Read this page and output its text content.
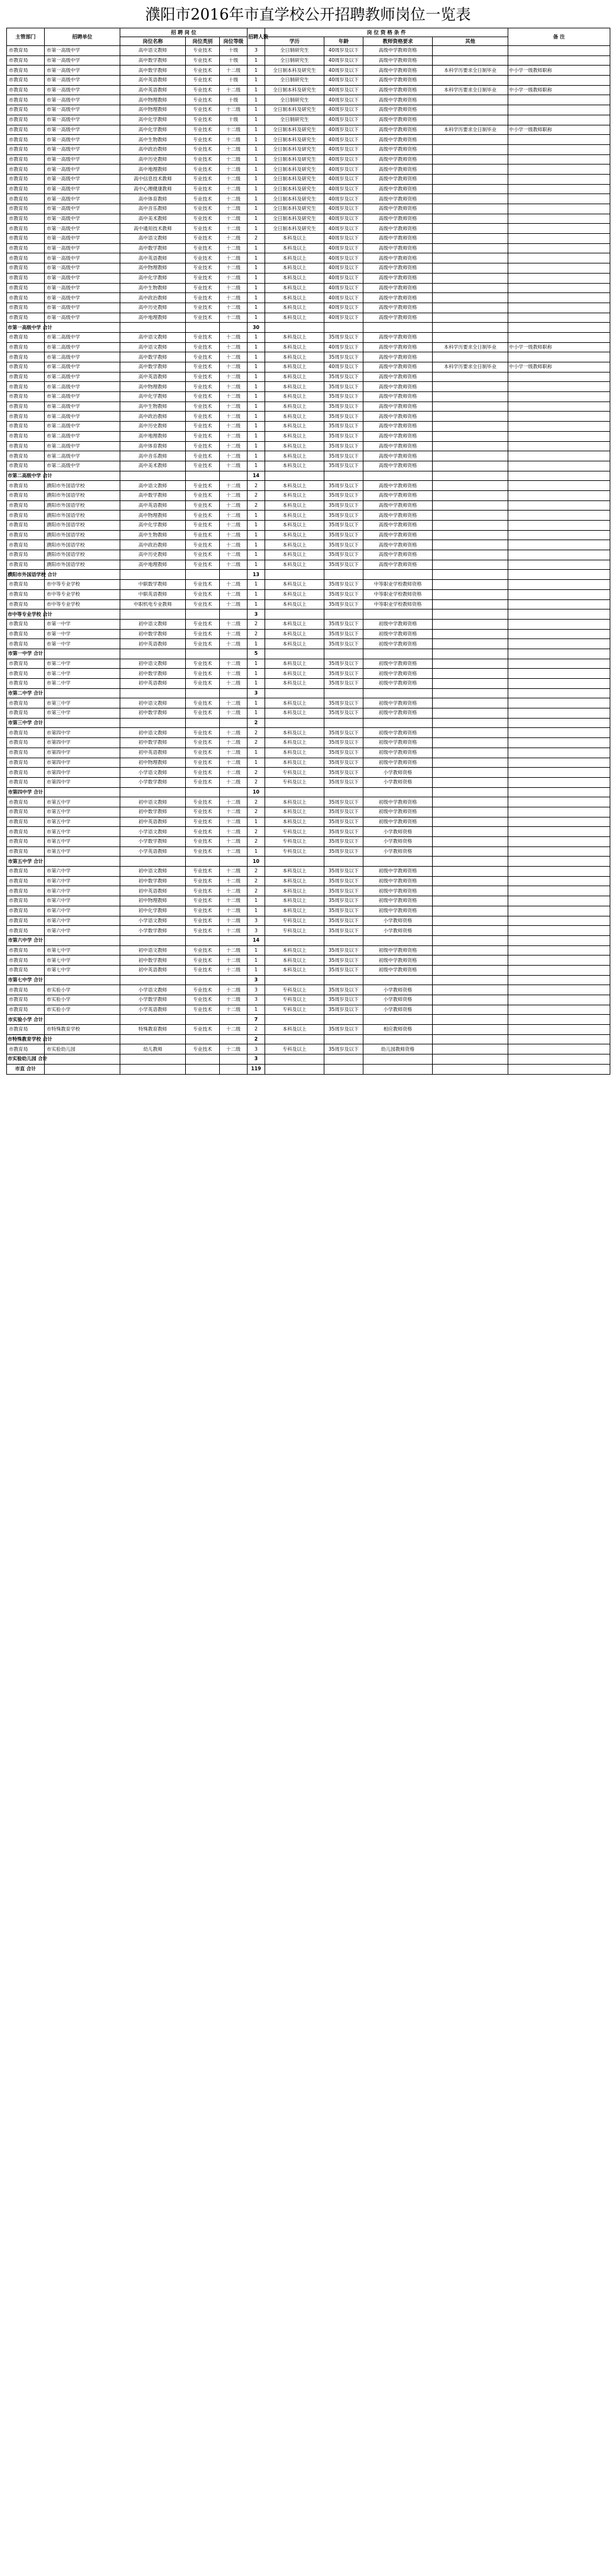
濮阳市2016年市直学校公开招聘教师岗位一览表
主管部门	招聘单位	招 聘 岗 位			招聘人数	岗 位 资 格 条 件				备 注
		岗位名称	岗位类别	岗位等级		学历	年龄	教师资格要求	其他	
市教育局	市第一高级中学	高中语文教师	专业技术	十级	3	全日制研究生	40周岁及以下	高级中学教师资格		
市教育局	市第一高级中学	高中数学教师	专业技术	十级	1	全日制研究生	40周岁及以下	高级中学教师资格		
市教育局	市第一高级中学	高中数学教师	专业技术	十二级	1	全日制本科及研究生	40周岁及以下	高级中学教师资格	本科学历要求全日制毕业	中小学一级教师职称
市教育局	市第一高级中学	高中英语教师	专业技术	十级	1	全日制研究生	40周岁及以下	高级中学教师资格		
市教育局	市第一高级中学	高中英语教师	专业技术	十二级	1	全日制本科及研究生	40周岁及以下	高级中学教师资格	本科学历要求全日制毕业	中小学一级教师职称
市教育局	市第一高级中学	高中物理教师	专业技术	十级	1	全日制研究生	40周岁及以下	高级中学教师资格		
市教育局	市第一高级中学	高中物理教师	专业技术	十二级	1	全日制本科及研究生	40周岁及以下	高级中学教师资格		
市教育局	市第一高级中学	高中化学教师	专业技术	十级	1	全日制研究生	40周岁及以下	高级中学教师资格		
市教育局	市第一高级中学	高中化学教师	专业技术	十二级	1	全日制本科及研究生	40周岁及以下	高级中学教师资格	本科学历要求全日制毕业	中小学一级教师职称
市教育局	市第一高级中学	高中生物教师	专业技术	十二级	1	全日制本科及研究生	40周岁及以下	高级中学教师资格		
市教育局	市第一高级中学	高中政治教师	专业技术	十二级	1	全日制本科及研究生	40周岁及以下	高级中学教师资格		
市教育局	市第一高级中学	高中历史教师	专业技术	十二级	1	全日制本科及研究生	40周岁及以下	高级中学教师资格		
市教育局	市第一高级中学	高中地理教师	专业技术	十二级	1	全日制本科及研究生	40周岁及以下	高级中学教师资格		
市教育局	市第一高级中学	高中信息技术教师	专业技术	十二级	1	全日制本科及研究生	40周岁及以下	高级中学教师资格		
市教育局	市第一高级中学	高中心理健康教师	专业技术	十二级	1	全日制本科及研究生	40周岁及以下	高级中学教师资格		
市教育局	市第一高级中学	高中体育教师	专业技术	十二级	1	全日制本科及研究生	40周岁及以下	高级中学教师资格		
市教育局	市第一高级中学	高中音乐教师	专业技术	十二级	1	全日制本科及研究生	40周岁及以下	高级中学教师资格		
市教育局	市第一高级中学	高中美术教师	专业技术	十二级	1	全日制本科及研究生	40周岁及以下	高级中学教师资格		
市教育局	市第一高级中学	高中通用技术教师	专业技术	十二级	1	全日制本科及研究生	40周岁及以下	高级中学教师资格		
市教育局	市第一高级中学	高中语文教师	专业技术	十二级	2	本科及以上	40周岁及以下	高级中学教师资格		
市教育局	市第一高级中学	高中数学教师	专业技术	十二级	1	本科及以上	40周岁及以下	高级中学教师资格		
市教育局	市第一高级中学	高中英语教师	专业技术	十二级	1	本科及以上	40周岁及以下	高级中学教师资格		
市教育局	市第一高级中学	高中物理教师	专业技术	十二级	1	本科及以上	40周岁及以下	高级中学教师资格		
市教育局	市第一高级中学	高中化学教师	专业技术	十二级	1	本科及以上	40周岁及以下	高级中学教师资格		
市教育局	市第一高级中学	高中生物教师	专业技术	十二级	1	本科及以上	40周岁及以下	高级中学教师资格		
市教育局	市第一高级中学	高中政治教师	专业技术	十二级	1	本科及以上	40周岁及以下	高级中学教师资格		
市教育局	市第一高级中学	高中历史教师	专业技术	十二级	1	本科及以上	40周岁及以下	高级中学教师资格		
市教育局	市第一高级中学	高中地理教师	专业技术	十二级	1	本科及以上	40周岁及以下	高级中学教师资格		
市第一高级中学 合计					30					
市教育局	市第二高级中学	高中语文教师	专业技术	十二级	1	本科及以上	35周岁及以下	高级中学教师资格		
市教育局	市第二高级中学	高中语文教师	专业技术	十二级	1	本科及以上	40周岁及以下	高级中学教师资格	本科学历要求全日制毕业	中小学一级教师职称
市教育局	市第二高级中学	高中数学教师	专业技术	十二级	1	本科及以上	35周岁及以下	高级中学教师资格		
市教育局	市第二高级中学	高中数学教师	专业技术	十二级	1	本科及以上	40周岁及以下	高级中学教师资格	本科学历要求全日制毕业	中小学一级教师职称
市教育局	市第二高级中学	高中英语教师	专业技术	十二级	1	本科及以上	35周岁及以下	高级中学教师资格		
市教育局	市第二高级中学	高中物理教师	专业技术	十二级	1	本科及以上	35周岁及以下	高级中学教师资格		
市教育局	市第二高级中学	高中化学教师	专业技术	十二级	1	本科及以上	35周岁及以下	高级中学教师资格		
市教育局	市第二高级中学	高中生物教师	专业技术	十二级	1	本科及以上	35周岁及以下	高级中学教师资格		
市教育局	市第二高级中学	高中政治教师	专业技术	十二级	1	本科及以上	35周岁及以下	高级中学教师资格		
市教育局	市第二高级中学	高中历史教师	专业技术	十二级	1	本科及以上	35周岁及以下	高级中学教师资格		
市教育局	市第二高级中学	高中地理教师	专业技术	十二级	1	本科及以上	35周岁及以下	高级中学教师资格		
市教育局	市第二高级中学	高中体育教师	专业技术	十二级	1	本科及以上	35周岁及以下	高级中学教师资格		
市教育局	市第二高级中学	高中音乐教师	专业技术	十二级	1	本科及以上	35周岁及以下	高级中学教师资格		
市教育局	市第二高级中学	高中美术教师	专业技术	十二级	1	本科及以上	35周岁及以下	高级中学教师资格		
市第二高级中学 合计					14					
市教育局	濮阳市外国语学校	高中语文教师	专业技术	十二级	2	本科及以上	35周岁及以下	高级中学教师资格		
市教育局	濮阳市外国语学校	高中数学教师	专业技术	十二级	2	本科及以上	35周岁及以下	高级中学教师资格		
市教育局	濮阳市外国语学校	高中英语教师	专业技术	十二级	2	本科及以上	35周岁及以下	高级中学教师资格		
市教育局	濮阳市外国语学校	高中物理教师	专业技术	十二级	1	本科及以上	35周岁及以下	高级中学教师资格		
市教育局	濮阳市外国语学校	高中化学教师	专业技术	十二级	1	本科及以上	35周岁及以下	高级中学教师资格		
市教育局	濮阳市外国语学校	高中生物教师	专业技术	十二级	1	本科及以上	35周岁及以下	高级中学教师资格		
市教育局	濮阳市外国语学校	高中政治教师	专业技术	十二级	1	本科及以上	35周岁及以下	高级中学教师资格		
市教育局	濮阳市外国语学校	高中历史教师	专业技术	十二级	1	本科及以上	35周岁及以下	高级中学教师资格		
市教育局	濮阳市外国语学校	高中地理教师	专业技术	十二级	1	本科及以上	35周岁及以下	高级中学教师资格		
濮阳市外国语学校 合计					13					
市教育局	市中等专业学校	中职数学教师	专业技术	十二级	1	本科及以上	35周岁及以下	中等职业学校教师资格		
市教育局	市中等专业学校	中职英语教师	专业技术	十二级	1	本科及以上	35周岁及以下	中等职业学校教师资格		
市教育局	市中等专业学校	中职机电专业教师	专业技术	十二级	1	本科及以上	35周岁及以下	中等职业学校教师资格		
市中等专业学校 合计					3					
市教育局	市第一中学	初中语文教师	专业技术	十二级	2	本科及以上	35周岁及以下	初级中学教师资格		
市教育局	市第一中学	初中数学教师	专业技术	十二级	2	本科及以上	35周岁及以下	初级中学教师资格		
市教育局	市第一中学	初中英语教师	专业技术	十二级	1	本科及以上	35周岁及以下	初级中学教师资格		
市第一中学 合计					5					
市教育局	市第二中学	初中语文教师	专业技术	十二级	1	本科及以上	35周岁及以下	初级中学教师资格		
市教育局	市第二中学	初中数学教师	专业技术	十二级	1	本科及以上	35周岁及以下	初级中学教师资格		
市教育局	市第二中学	初中英语教师	专业技术	十二级	1	本科及以上	35周岁及以下	初级中学教师资格		
市第二中学 合计					3					
市教育局	市第三中学	初中语文教师	专业技术	十二级	1	本科及以上	35周岁及以下	初级中学教师资格		
市教育局	市第三中学	初中数学教师	专业技术	十二级	1	本科及以上	35周岁及以下	初级中学教师资格		
市第三中学 合计					2					
市教育局	市第四中学	初中语文教师	专业技术	十二级	2	本科及以上	35周岁及以下	初级中学教师资格		
市教育局	市第四中学	初中数学教师	专业技术	十二级	2	本科及以上	35周岁及以下	初级中学教师资格		
市教育局	市第四中学	初中英语教师	专业技术	十二级	1	本科及以上	35周岁及以下	初级中学教师资格		
市教育局	市第四中学	初中物理教师	专业技术	十二级	1	本科及以上	35周岁及以下	初级中学教师资格		
市教育局	市第四中学	小学语文教师	专业技术	十二级	2	专科及以上	35周岁及以下	小学教师资格		
市教育局	市第四中学	小学数学教师	专业技术	十二级	2	专科及以上	35周岁及以下	小学教师资格		
市第四中学 合计					10					
市教育局	市第五中学	初中语文教师	专业技术	十二级	2	本科及以上	35周岁及以下	初级中学教师资格		
市教育局	市第五中学	初中数学教师	专业技术	十二级	2	本科及以上	35周岁及以下	初级中学教师资格		
市教育局	市第五中学	初中英语教师	专业技术	十二级	1	本科及以上	35周岁及以下	初级中学教师资格		
市教育局	市第五中学	小学语文教师	专业技术	十二级	2	专科及以上	35周岁及以下	小学教师资格		
市教育局	市第五中学	小学数学教师	专业技术	十二级	2	专科及以上	35周岁及以下	小学教师资格		
市教育局	市第五中学	小学英语教师	专业技术	十二级	1	专科及以上	35周岁及以下	小学教师资格		
市第五中学 合计					10					
市教育局	市第六中学	初中语文教师	专业技术	十二级	2	本科及以上	35周岁及以下	初级中学教师资格		
市教育局	市第六中学	初中数学教师	专业技术	十二级	2	本科及以上	35周岁及以下	初级中学教师资格		
市教育局	市第六中学	初中英语教师	专业技术	十二级	2	本科及以上	35周岁及以下	初级中学教师资格		
市教育局	市第六中学	初中物理教师	专业技术	十二级	1	本科及以上	35周岁及以下	初级中学教师资格		
市教育局	市第六中学	初中化学教师	专业技术	十二级	1	本科及以上	35周岁及以下	初级中学教师资格		
市教育局	市第六中学	小学语文教师	专业技术	十二级	3	专科及以上	35周岁及以下	小学教师资格		
市教育局	市第六中学	小学数学教师	专业技术	十二级	3	专科及以上	35周岁及以下	小学教师资格		
市第六中学 合计					14					
市教育局	市第七中学	初中语文教师	专业技术	十二级	1	本科及以上	35周岁及以下	初级中学教师资格		
市教育局	市第七中学	初中数学教师	专业技术	十二级	1	本科及以上	35周岁及以下	初级中学教师资格		
市教育局	市第七中学	初中英语教师	专业技术	十二级	1	本科及以上	35周岁及以下	初级中学教师资格		
市第七中学 合计					3					
市教育局	市实验小学	小学语文教师	专业技术	十二级	3	专科及以上	35周岁及以下	小学教师资格		
市教育局	市实验小学	小学数学教师	专业技术	十二级	3	专科及以上	35周岁及以下	小学教师资格		
市教育局	市实验小学	小学英语教师	专业技术	十二级	1	专科及以上	35周岁及以下	小学教师资格		
市实验小学 合计					7					
市教育局	市特殊教育学校	特殊教育教师	专业技术	十二级	2	本科及以上	35周岁及以下	相应教师资格		
市特殊教育学校 合计					2					
市教育局	市实验幼儿园	幼儿教师	专业技术	十二级	3	专科及以上	35周岁及以下	幼儿园教师资格		
市实验幼儿园 合计					3					
市直 合计					119					
